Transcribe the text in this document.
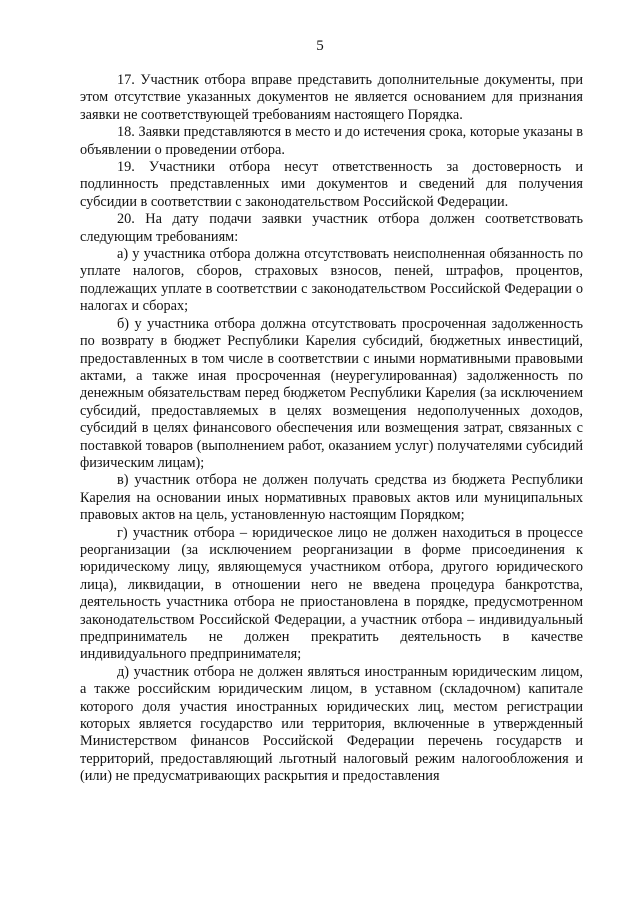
5

17. Участник отбора вправе представить дополнительные документы, при этом отсутствие указанных документов не является основанием для признания заявки не соответствующей требованиям настоящего Порядка.

18. Заявки представляются в место и до истечения срока, которые указаны в объявлении о проведении отбора.

19. Участники отбора несут ответственность за достоверность и подлинность представленных ими документов и сведений для получения субсидии в соответствии с законодательством Российской Федерации.

20. На дату подачи заявки участник отбора должен соответствовать следующим требованиям:

а) у участника отбора должна отсутствовать неисполненная обязанность по уплате налогов, сборов, страховых взносов, пеней, штрафов, процентов, подлежащих уплате в соответствии с законодательством Российской Федерации о налогах и сборах;

б) у участника отбора должна отсутствовать просроченная задолженность по возврату в бюджет Республики Карелия субсидий, бюджетных инвестиций, предоставленных в том числе в соответствии с иными нормативными правовыми актами, а также иная просроченная (неурегулированная) задолженность по денежным обязательствам перед бюджетом Республики Карелия (за исключением субсидий, предоставляемых в целях возмещения недополученных доходов, субсидий в целях финансового обеспечения или возмещения затрат, связанных с поставкой товаров (выполнением работ, оказанием услуг) получателями субсидий физическим лицам);

в) участник отбора не должен получать средства из бюджета Республики Карелия на основании иных нормативных правовых актов или муниципальных правовых актов на цель, установленную настоящим Порядком;

г) участник отбора – юридическое лицо не должен находиться в процессе реорганизации (за исключением реорганизации в форме присоединения к юридическому лицу, являющемуся участником отбора, другого юридического лица), ликвидации, в отношении него не введена процедура банкротства, деятельность участника отбора не приостановлена в порядке, предусмотренном законодательством Российской Федерации, а участник отбора – индивидуальный предприниматель не должен прекратить деятельность в качестве индивидуального предпринимателя;

д) участник отбора не должен являться иностранным юридическим лицом, а также российским юридическим лицом, в уставном (складочном) капитале которого доля участия иностранных юридических лиц, местом регистрации которых является государство или территория, включенные в утвержденный Министерством финансов Российской Федерации перечень государств и территорий, предоставляющий льготный налоговый режим налогообложения и (или) не предусматривающих раскрытия и предоставления
